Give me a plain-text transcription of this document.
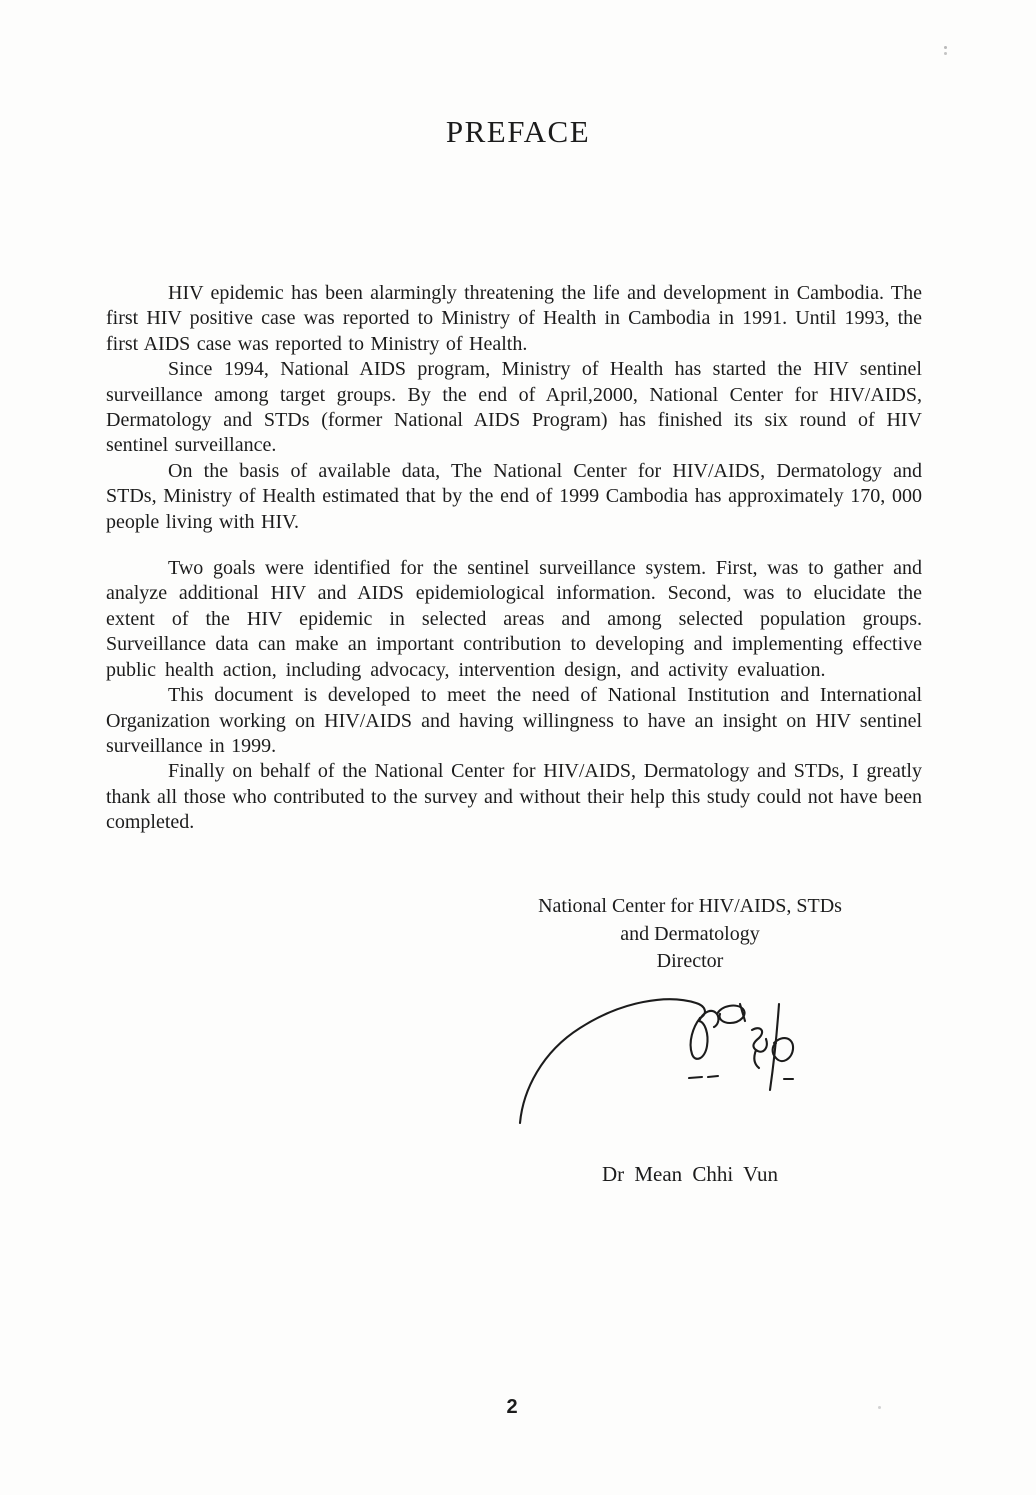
PREFACE

HIV epidemic has been alarmingly threatening the life and development in Cambodia. The first HIV positive case was reported to Ministry of Health in Cambodia in 1991. Until 1993, the first AIDS case was reported to Ministry of Health.

Since 1994, National AIDS program, Ministry of Health has started the HIV sentinel surveillance among target groups. By the end of April,2000, National Center for HIV/AIDS, Dermatology and STDs (former National AIDS Program) has finished its six round of HIV sentinel surveillance.

On the basis of available data, The National Center for HIV/AIDS, Dermatology and STDs, Ministry of Health estimated that by the end of 1999 Cambodia has approximately 170, 000 people living with HIV.

Two goals were identified for the sentinel surveillance system. First, was to gather and analyze additional HIV and AIDS epidemiological information. Second, was to elucidate the extent of the HIV epidemic in selected areas and among selected population groups. Surveillance data can make an important contribution to developing and implementing effective public health action, including advocacy, intervention design, and activity evaluation.

This document is developed to meet the need of National Institution and International Organization working on HIV/AIDS and having willingness to have an insight on HIV sentinel surveillance in 1999.

Finally on behalf of the National Center for HIV/AIDS, Dermatology and STDs, I greatly thank all those who contributed to the survey and without their help this study could not have been completed.

National Center for HIV/AIDS, STDs
and Dermatology
Director
Dr Mean Chhi Vun
2
